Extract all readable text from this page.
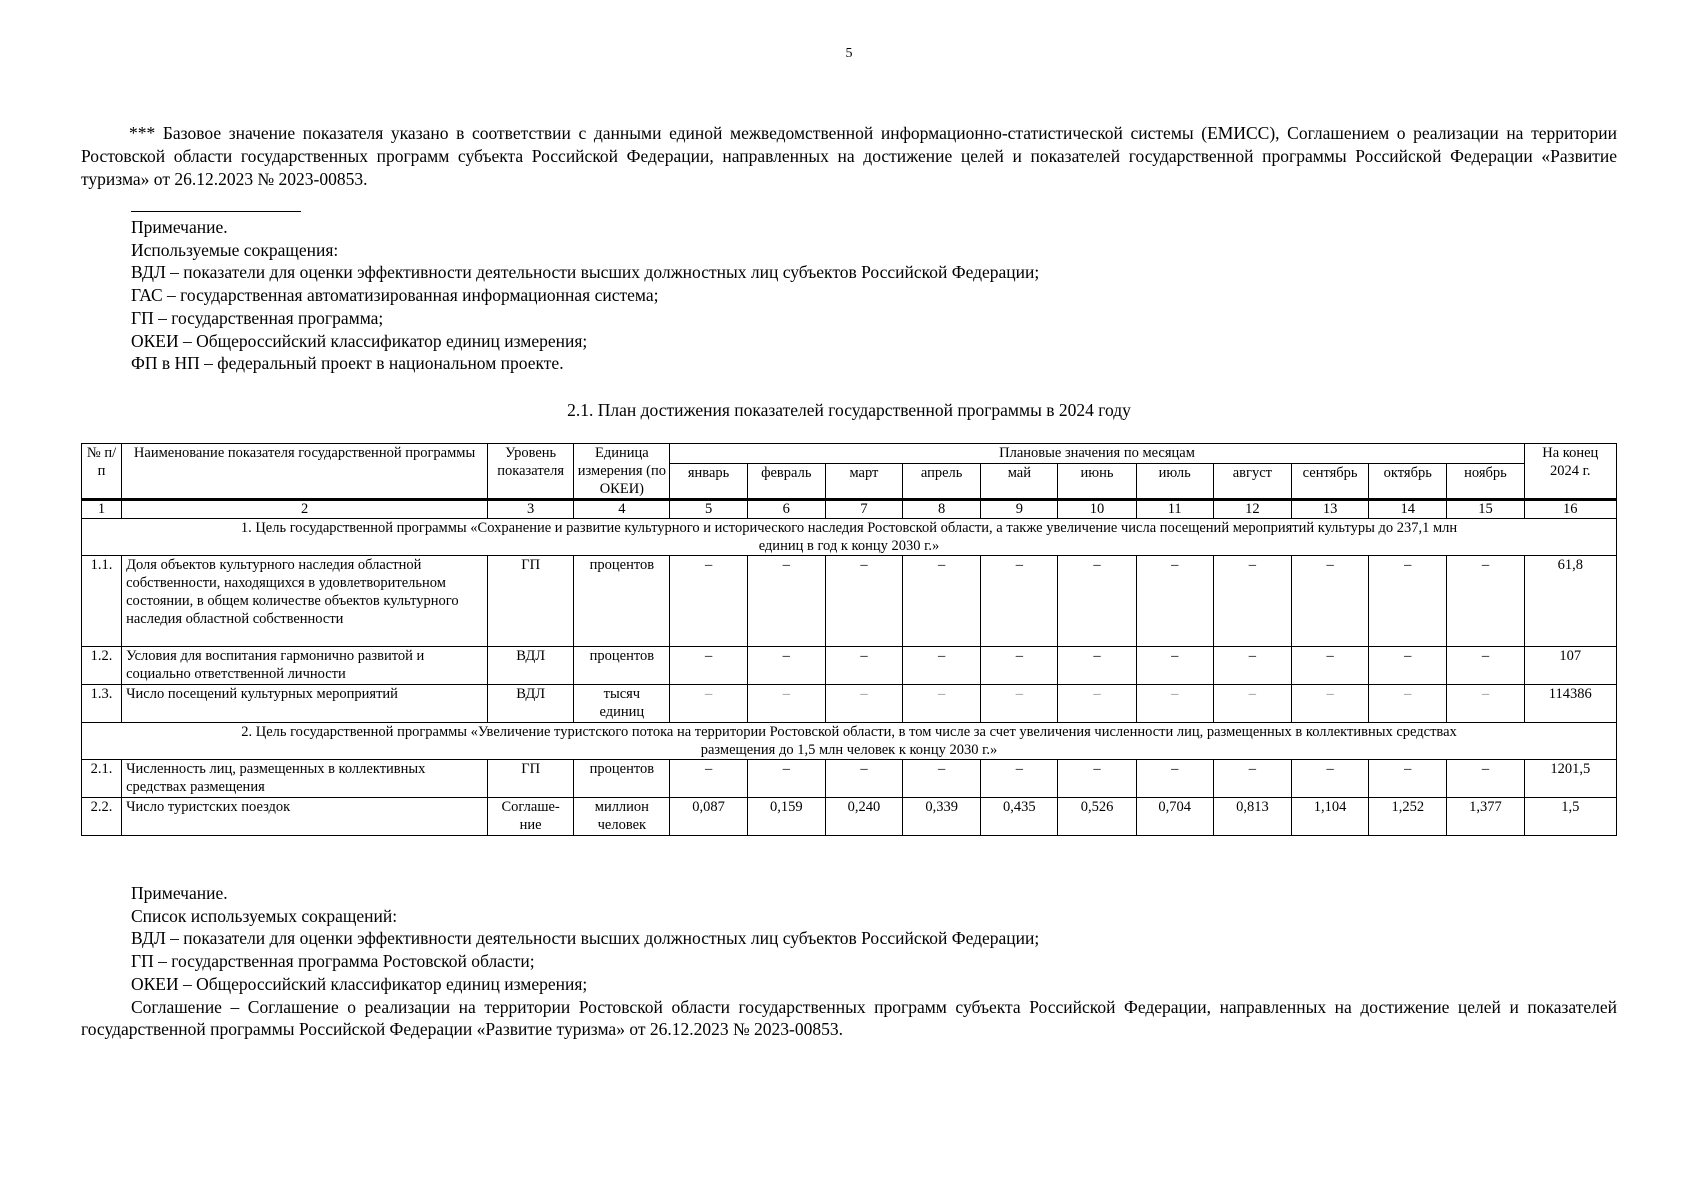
5
*** Базовое значение показателя указано в соответствии с данными единой межведомственной информационно-статистической системы (ЕМИСС), Соглашением о реализации на территории Ростовской области государственных программ субъекта Российской Федерации, направленных на достижение целей и показателей государственной программы Российской Федерации «Развитие туризма» от 26.12.2023 № 2023-00853.
Примечание.
Используемые сокращения:
ВДЛ – показатели для оценки эффективности деятельности высших должностных лиц субъектов Российской Федерации;
ГАС – государственная автоматизированная информационная система;
ГП – государственная программа;
ОКЕИ – Общероссийский классификатор единиц измерения;
ФП в НП – федеральный проект в национальном проекте.
2.1. План достижения показателей государственной программы в 2024 году
№ п/п	Наименование показателя государственной программы	Уровень показателя	Единица измерения (по ОКЕИ)	Плановые значения по месяцам											На конец 2024 г.
				январь	февраль	март	апрель	май	июнь	июль	август	сентябрь	октябрь	ноябрь	
1	2	3	4	5	6	7	8	9	10	11	12	13	14	15	16
1. Цель государственной программы «Сохранение и развитие культурного и исторического наследия Ростовской области, а также увеличение числа посещений мероприятий культуры до 237,1 млн единиц в год к концу 2030 г.»															
1.1.	Доля объектов культурного наследия областной собственности, находящихся в удовлетворительном состоянии, в общем количестве объектов культурного наследия областной собственности	ГП	процентов	–	–	–	–	–	–	–	–	–	–	–	61,8
1.2.	Условия для воспитания гармонично развитой и социально ответственной личности	ВДЛ	процентов	–	–	–	–	–	–	–	–	–	–	–	107
1.3.	Число посещений культурных мероприятий	ВДЛ	тысяч единиц	–	–	–	–	–	–	–	–	–	–	–	114386
2. Цель государственной программы «Увеличение туристского потока на территории Ростовской области, в том числе за счет увеличения численности лиц, размещенных в коллективных средствах размещения до 1,5 млн человек к концу 2030 г.»															
2.1.	Численность лиц, размещенных в коллективных средствах размещения	ГП	процентов	–	–	–	–	–	–	–	–	–	–	–	1201,5
2.2.	Число туристских поездок	Соглаше-ние	миллион человек	0,087	0,159	0,240	0,339	0,435	0,526	0,704	0,813	1,104	1,252	1,377	1,5
Примечание.
Список используемых сокращений:
ВДЛ – показатели для оценки эффективности деятельности высших должностных лиц субъектов Российской Федерации;
ГП – государственная программа Ростовской области;
ОКЕИ – Общероссийский классификатор единиц измерения;
Соглашение – Соглашение о реализации на территории Ростовской области государственных программ субъекта Российской Федерации, направленных на достижение целей и показателей государственной программы Российской Федерации «Развитие туризма» от 26.12.2023 № 2023-00853.
